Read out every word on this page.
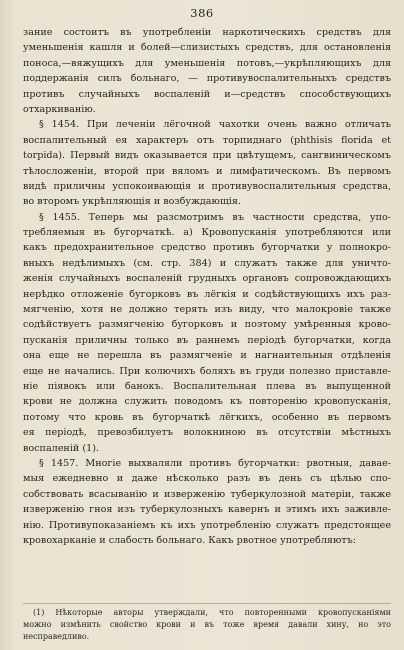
386
зание состоитъ въ употребленіи наркотическихъ средствъ для
уменьшенія кашля и болей—слизистыхъ средствъ, для остановленія
поноса,—вяжущихъ для уменьшенія потовъ,—укрѣпляющихъ для
поддержанія силъ больнаго, — противувоспалительныхъ средствъ
противъ случайныхъ воспаленій и—средствъ способствующихъ
отхаркиванію.
§ 1454. При леченіи лёгочной чахотки очень важно отличать
воспалительный ея характеръ отъ торпиднаго (phthisis florida et
torpida). Первый видъ оказывается при цвѣтущемъ, сангвиническомъ
тѣлосложеніи, второй при вяломъ и лимфатическомъ. Въ первомъ
видѣ приличны успокоивающія и противувоспалительныя средства,
во второмъ укрѣпляющія и возбуждающія.
§ 1455. Теперь мы разсмотримъ въ частности средства, упо-
требляемыя въ бугорчаткѣ. a) Кровопусканія употребляются или
какъ предохранительное средство противъ бугорчатки у полнокро-
вныхъ недѣлимыхъ (см. стр. 384) и служатъ также для уничто-
женія случайныхъ воспаленій грудныхъ органовъ сопровождающихъ
нерѣдко отложеніе бугорковъ въ лёгкія и содѣйствующихъ ихъ раз-
мягченію, хотя не должно терять изъ виду, что малокровіе также
содѣйствуетъ размягченію бугорковъ и поэтому умѣренныя крово-
пусканія приличны только въ раннемъ періодѣ бугорчатки, когда
она еще не перешла въ размягченіе и нагнаительныя отдѣленія
еще не начались. При колючихъ боляхъ въ груди полезно приставле-
ніе піявокъ или банокъ. Воспалительная плева въ выпущенной
крови не должна служить поводомъ къ повторенію кровопусканія,
потому что кровь въ бугорчаткѣ лёгкихъ, особенно въ первомъ
ея періодѣ, превозбилуетъ волокниною въ отсутствіи мѣстныхъ
воспаленій (1).
§ 1457. Многіе выхваляли противъ бугорчатки: рвотныя, давае-
мыя ежедневно и даже нѣсколько разъ въ день съ цѣлью спо-
собствовать всасыванію и изверженію туберкулозной матеріи, также
изверженію гноя изъ туберкулозныхъ кавернъ и этимъ ихъ заживле-
нію. Противупоказаніемъ къ ихъ употребленію служатъ предстоящее
кровохарканіе и слабость больнаго. Какъ рвотное употребляютъ:
(1) Нѣкоторые авторы утверждали, что повторенными кровопусканіями
можно измѣнить свойство крови и въ тоже время давали хину, но это
несправедливо.
